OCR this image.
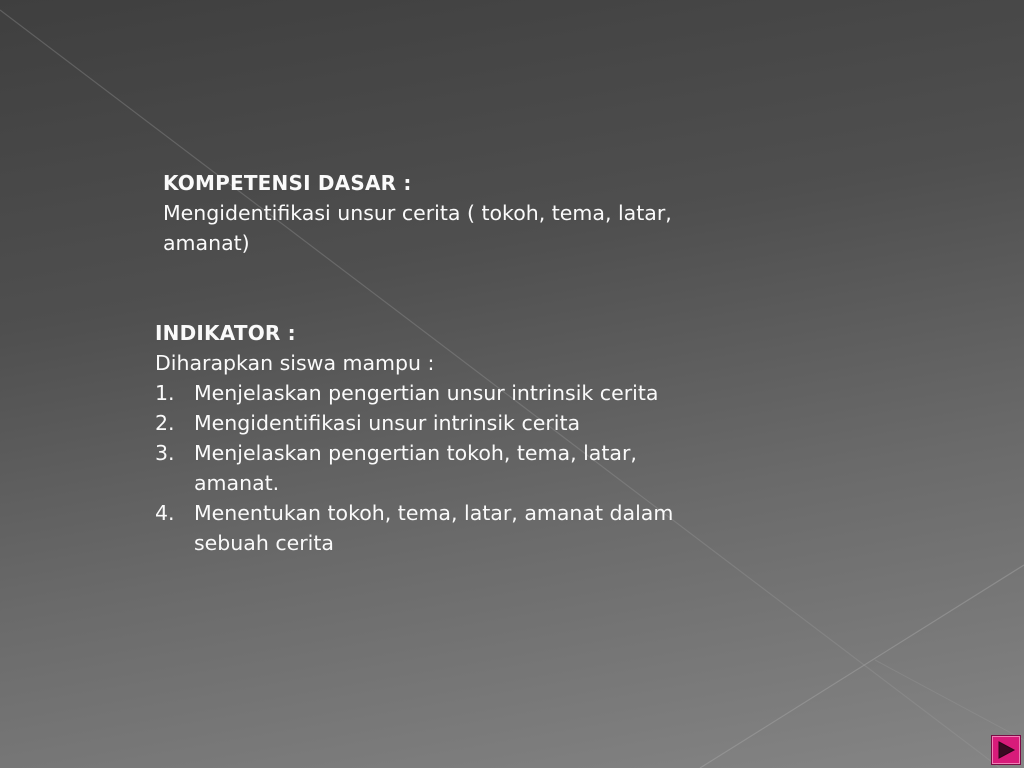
KOMPETENSI DASAR :
Mengidentifikasi unsur cerita ( tokoh, tema, latar,
amanat)
INDIKATOR :
Diharapkan siswa mampu :
1. Menjelaskan pengertian unsur intrinsik cerita
2. Mengidentifikasi unsur intrinsik cerita
3. Menjelaskan pengertian tokoh, tema, latar,
amanat.
4. Menentukan tokoh, tema, latar, amanat dalam
sebuah cerita
